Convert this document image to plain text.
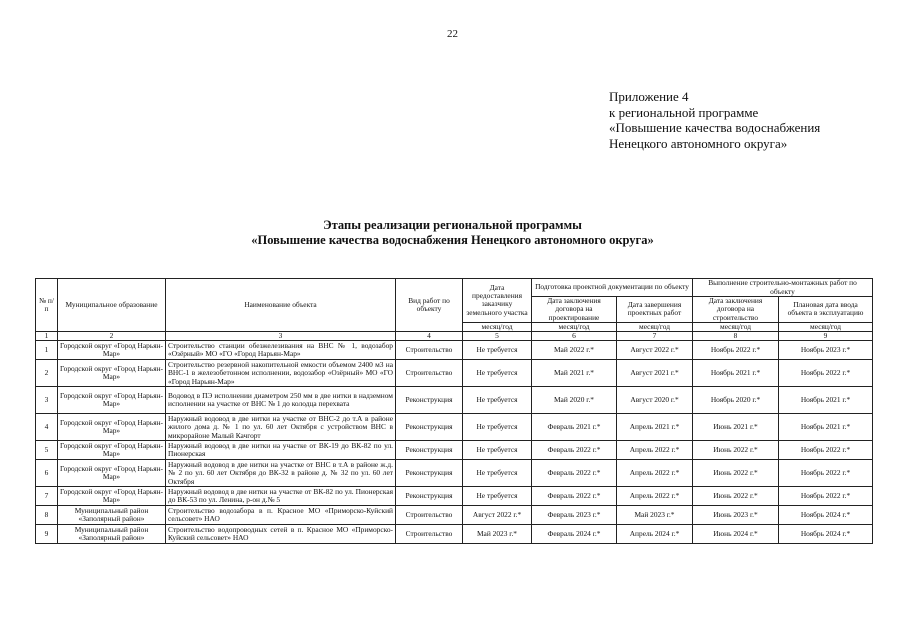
22
Приложение 4
к региональной программе
«Повышение качества водоснабжения
Ненецкого автономного округа»
Этапы реализации региональной программы
«Повышение качества водоснабжения Ненецкого автономного округа»
№ п/п	Муниципальное образование	Наименование объекта	Вид работ по объекту	Дата предоставления заказчику земельного участка	Подготовка проектной документации по объекту		Выполнение строительно-монтажных работ по объекту	
					Дата заключения договора на проектирование	Дата завершения проектных работ	Дата заключения договора на строительство	Плановая дата ввода объекта в эксплуатацию
				месяц/год	месяц/год	месяц/год	месяц/год	месяц/год
1	2	3	4	5	6	7	8	9
1	Городской округ «Город Нарьян-Мар»	Строительство станции обезжелезивания на ВНС № 1, водозабор «Озёрный» МО «ГО «Город Нарьян-Мар»	Строительство	Не требуется	Май 2022 г.*	Август 2022 г.*	Ноябрь 2022 г.*	Ноябрь 2023 г.*
2	Городской округ «Город Нарьян-Мар»	Строительство резервной накопительной емкости объемом 2400 м3 на ВНС-1 в железобетонном исполнении, водозабор «Озёрный» МО «ГО «Город Нарьян-Мар»	Строительство	Не требуется	Май 2021 г.*	Август 2021 г.*	Ноябрь 2021 г.*	Ноябрь 2022 г.*
3	Городской округ «Город Нарьян-Мар»	Водовод в ПЭ исполнении диаметром 250 мм в две нитки в надземном исполнении на участке от ВНС № 1 до колодца перехвата	Реконструкция	Не требуется	Май 2020 г.*	Август 2020 г.*	Ноябрь 2020 г.*	Ноябрь 2021 г.*
4	Городской округ «Город Нарьян-Мар»	Наружный водовод в две нитки на участке от ВНС-2 до т.А в районе жилого дома д. № 1 по ул. 60 лет Октября с устройством ВНС в микрорайоне Малый Качгорт	Реконструкция	Не требуется	Февраль 2021 г.*	Апрель 2021 г.*	Июнь 2021 г.*	Ноябрь 2021 г.*
5	Городской округ «Город Нарьян-Мар»	Наружный водовод в две нитки на участке от ВК-19 до ВК-82 по ул. Пионерская	Реконструкция	Не требуется	Февраль 2022 г.*	Апрель 2022 г.*	Июнь 2022 г.*	Ноябрь 2022 г.*
6	Городской округ «Город Нарьян-Мар»	Наружный водовод в две нитки на участке от ВНС в т.А в районе ж.д. № 2 по ул. 60 лет Октября до ВК-32 в районе д. № 32 по ул. 60 лет Октября	Реконструкция	Не требуется	Февраль 2022 г.*	Апрель 2022 г.*	Июнь 2022 г.*	Ноябрь 2022 г.*
7	Городской округ «Город Нарьян-Мар»	Наружный водовод в две нитки на участке от ВК-82 по ул. Пионерская до ВК-53 по ул. Ленина, р-он д.№ 5	Реконструкция	Не требуется	Февраль 2022 г.*	Апрель 2022 г.*	Июнь 2022 г.*	Ноябрь 2022 г.*
8	Муниципальный район «Заполярный район»	Строительство водозабора в п. Красное МО «Приморско-Куйский сельсовет» НАО	Строительство	Август 2022 г.*	Февраль 2023 г.*	Май 2023 г.*	Июнь 2023 г.*	Ноябрь 2024 г.*
9	Муниципальный район «Заполярный район»	Строительство водопроводных сетей в п. Красное МО «Приморско-Куйский сельсовет» НАО	Строительство	Май 2023 г.*	Февраль 2024 г.*	Апрель 2024 г.*	Июнь 2024 г.*	Ноябрь 2024 г.*
